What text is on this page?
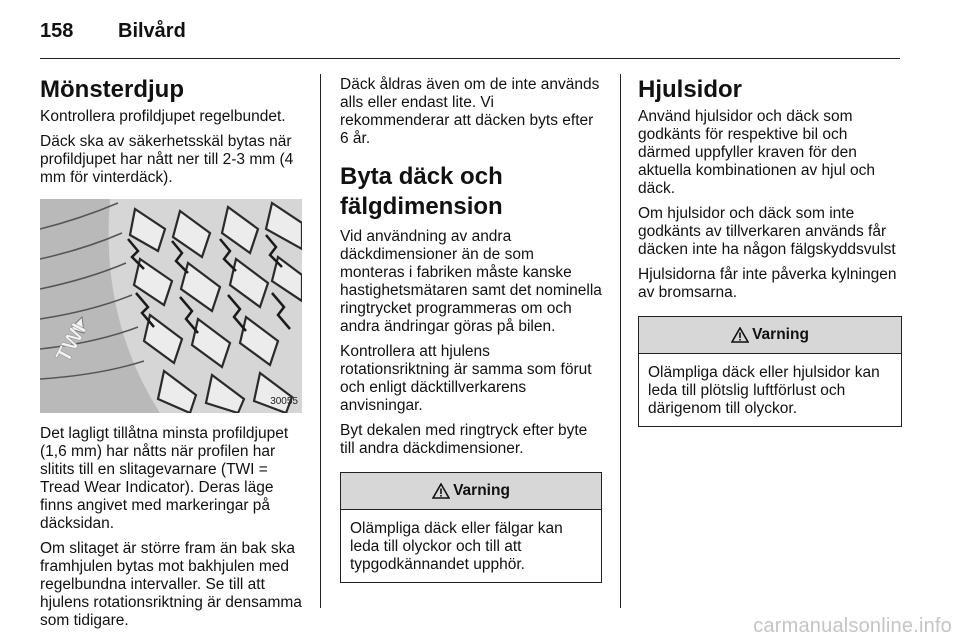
158 Bilvård
Mönsterdjup

Kontrollera profildjupet regelbundet.

Däck ska av säkerhetsskäl bytas när profildjupet har nått ner till 2-3 mm (4 mm för vinterdäck).

TWI
30055

Det lagligt tillåtna minsta profildjupet (1,6 mm) har nåtts när profilen har slitits till en slitagevarnare (TWI = Tread Wear Indicator). Deras läge finns angivet med markeringar på däcksidan.

Om slitaget är större fram än bak ska framhjulen bytas mot bakhjulen med regelbundna intervaller. Se till att hjulens rotationsriktning är densamma som tidigare.

Däck åldras även om de inte används alls eller endast lite. Vi rekommenderar att däcken byts efter 6 år.

Byta däck och fälgdimension

Vid användning av andra däckdimensioner än de som monteras i fabriken måste kanske hastighetsmätaren samt det nominella ringtrycket programmeras om och andra ändringar göras på bilen.

Kontrollera att hjulens rotationsriktning är samma som förut och enligt däcktillverkarens anvisningar.

Byt dekalen med ringtryck efter byte till andra däckdimensioner.

Varning
Olämpliga däck eller fälgar kan leda till olyckor och till att typgodkännandet upphör.
Hjulsidor

Använd hjulsidor och däck som godkänts för respektive bil och därmed uppfyller kraven för den aktuella kombinationen av hjul och däck.

Om hjulsidor och däck som inte godkänts av tillverkaren används får däcken inte ha någon fälgskyddsvulst

Hjulsidorna får inte påverka kylningen av bromsarna.

Varning
Olämpliga däck eller hjulsidor kan leda till plötslig luftförlust och därigenom till olyckor.
carmanualsonline.info
